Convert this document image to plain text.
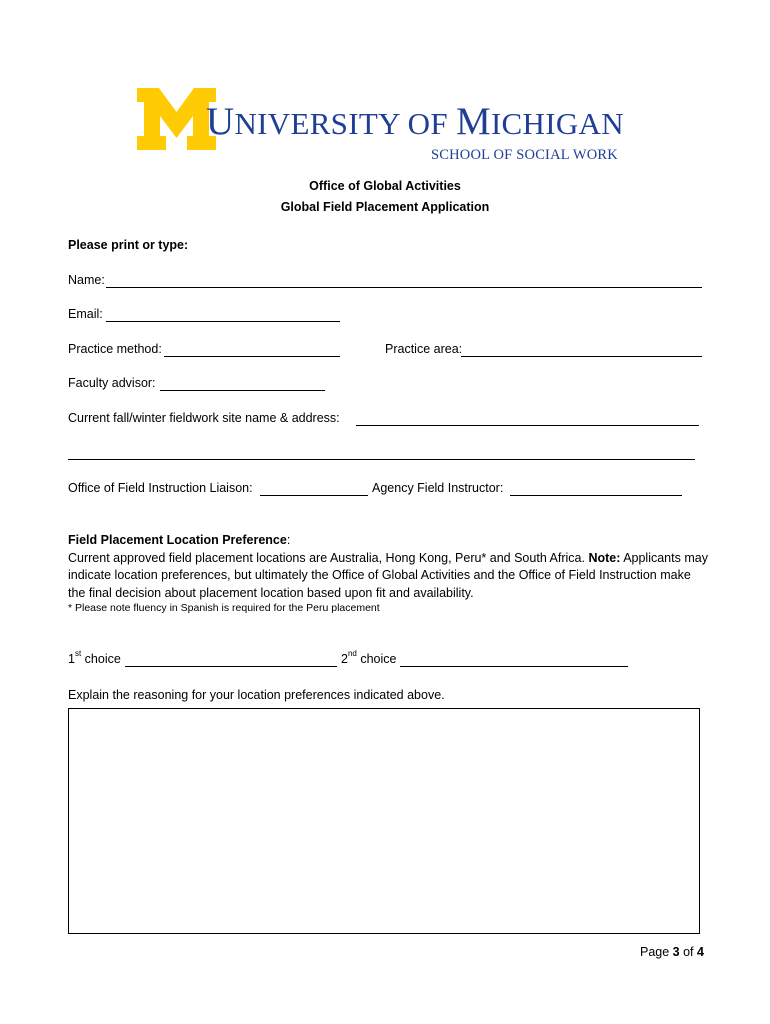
UNIVERSITY OF MICHIGAN
SCHOOL OF SOCIAL WORK
Office of Global Activities
Global Field Placement Application
Please print or type:
Name:
Email:
Practice method:	Practice area:
Faculty advisor:
Current fall/winter fieldwork site name & address:
Office of Field Instruction Liaison:	Agency Field Instructor:
Field Placement Location Preference:
Current approved field placement locations are Australia, Hong Kong, Peru* and South Africa. Note: Applicants may indicate location preferences, but ultimately the Office of Global Activities and the Office of Field Instruction make the final decision about placement location based upon fit and availability.
* Please note fluency in Spanish is required for the Peru placement
1st choice	2nd choice
Explain the reasoning for your location preferences indicated above.
Page 3 of 4
